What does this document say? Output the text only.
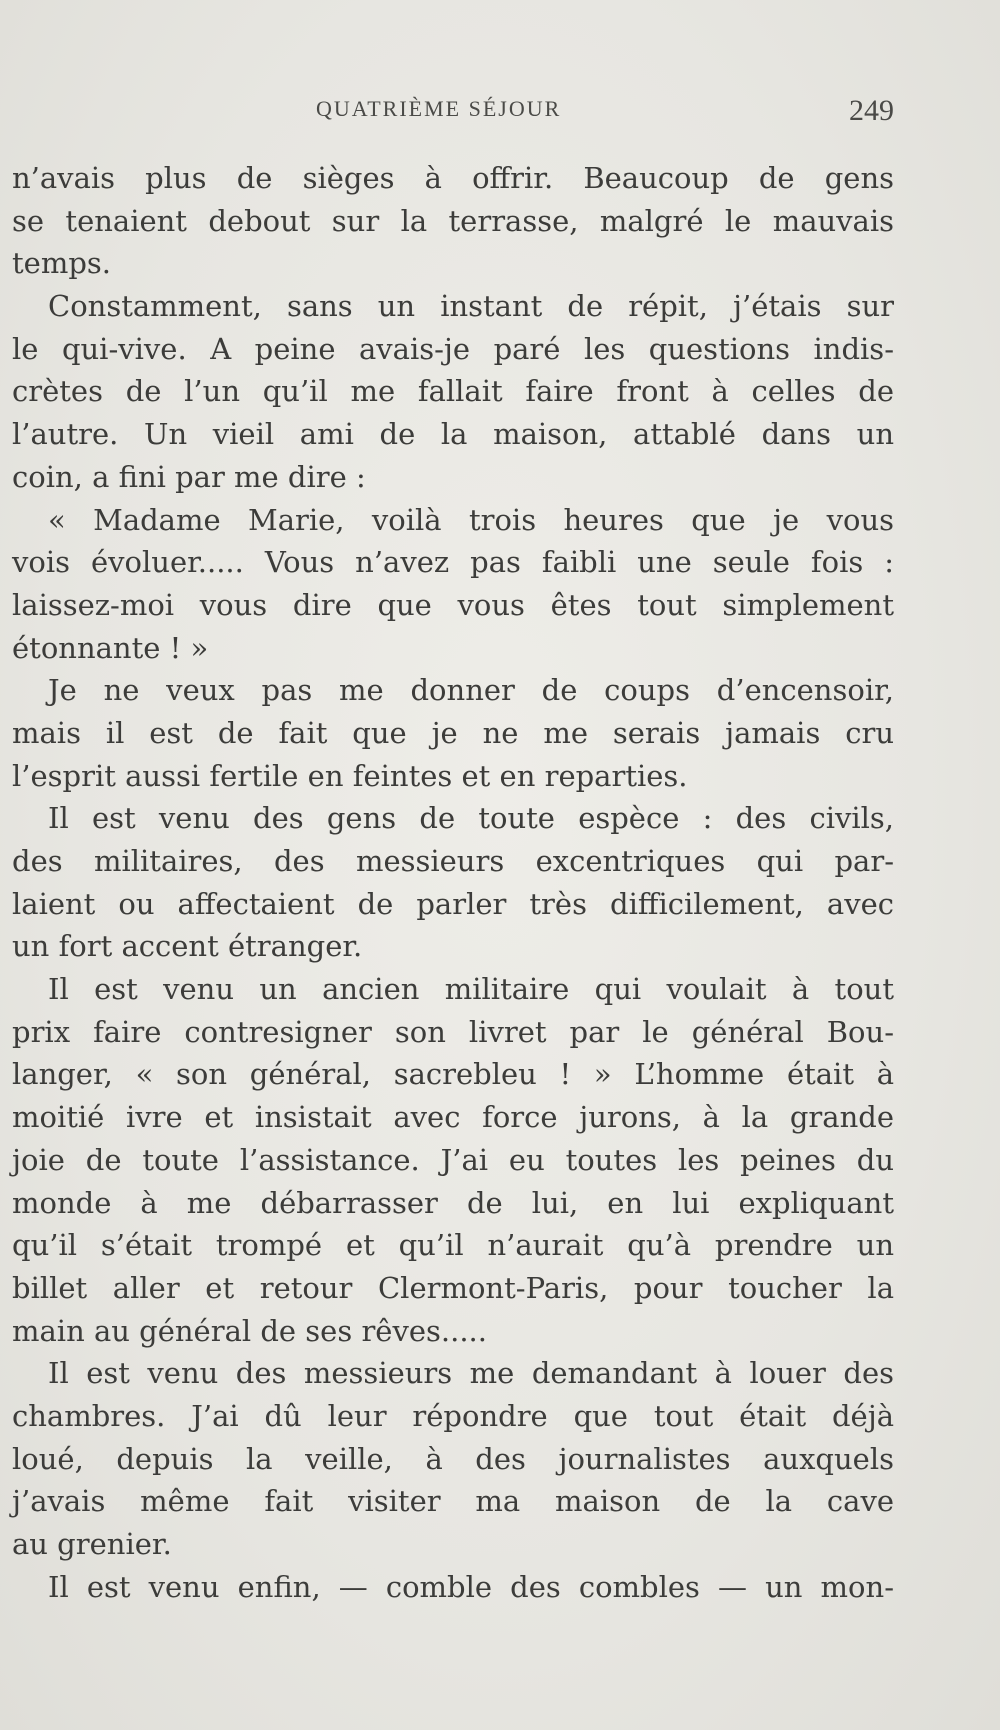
QUATRIÈME SÉJOUR	249
n’avais plus de sièges à offrir. Beaucoup de gens
se tenaient debout sur la terrasse, malgré le mauvais
temps.
Constamment, sans un instant de répit, j’étais sur
le qui-vive. A peine avais-je paré les questions indis-
crètes de l’un qu’il me fallait faire front à celles de
l’autre. Un vieil ami de la maison, attablé dans un
coin, a fini par me dire :
« Madame Marie, voilà trois heures que je vous
vois évoluer..... Vous n’avez pas faibli une seule fois :
laissez-moi vous dire que vous êtes tout simplement
étonnante ! »
Je ne veux pas me donner de coups d’encensoir,
mais il est de fait que je ne me serais jamais cru
l’esprit aussi fertile en feintes et en reparties.
Il est venu des gens de toute espèce : des civils,
des militaires, des messieurs excentriques qui par-
laient ou affectaient de parler très difficilement, avec
un fort accent étranger.
Il est venu un ancien militaire qui voulait à tout
prix faire contresigner son livret par le général Bou-
langer, « son général, sacrebleu ! » L’homme était à
moitié ivre et insistait avec force jurons, à la grande
joie de toute l’assistance. J’ai eu toutes les peines du
monde à me débarrasser de lui, en lui expliquant
qu’il s’était trompé et qu’il n’aurait qu’à prendre un
billet aller et retour Clermont-Paris, pour toucher la
main au général de ses rêves.....
Il est venu des messieurs me demandant à louer des
chambres. J’ai dû leur répondre que tout était déjà
loué, depuis la veille, à des journalistes auxquels
j’avais même fait visiter ma maison de la cave
au grenier.
Il est venu enfin, — comble des combles — un mon-
